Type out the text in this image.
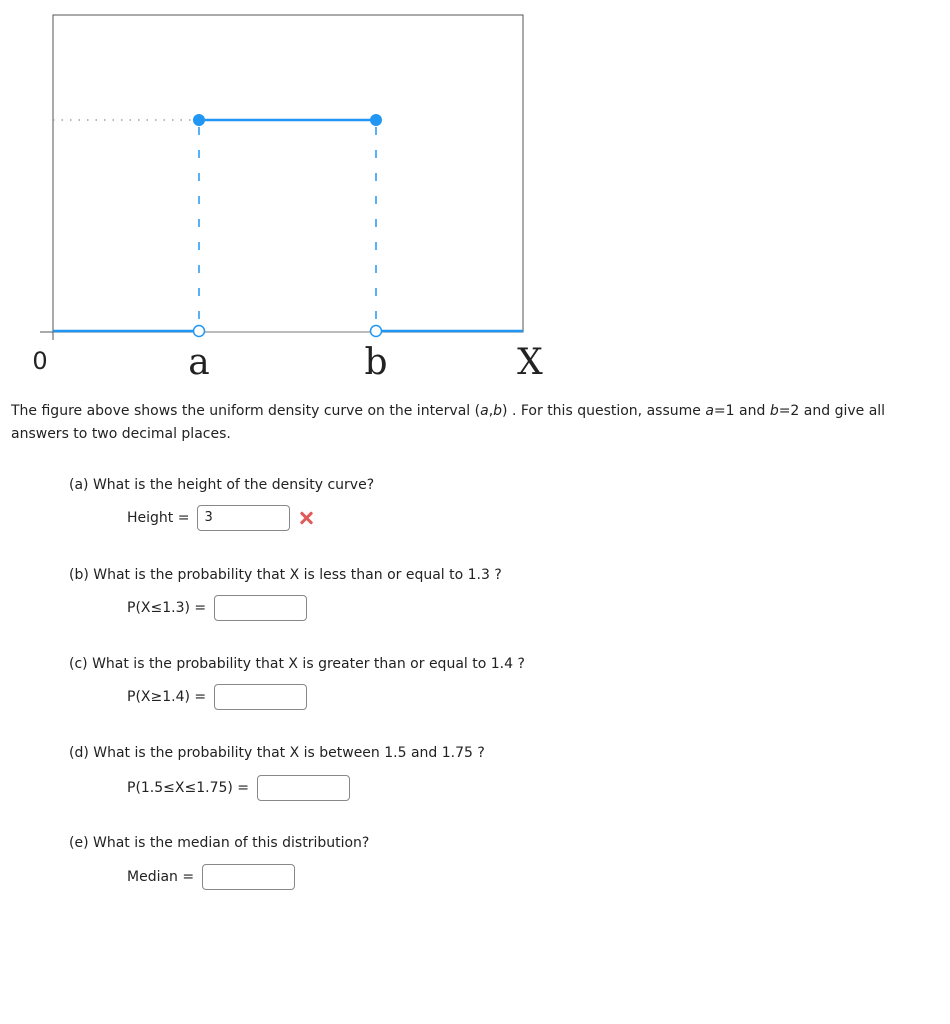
0	a	b	X
The figure above shows the uniform density curve on the interval (a,b) . For this question, assume a=1 and b=2 and give all answers to two decimal places.
(a) What is the height of the density curve?
Height =	3
(b) What is the probability that X is less than or equal to 1.3 ?
P(X≤1.3) =
(c) What is the probability that X is greater than or equal to 1.4 ?
P(X≥1.4) =
(d) What is the probability that X is between 1.5 and 1.75 ?
P(1.5≤X≤1.75) =
(e) What is the median of this distribution?
Median =
